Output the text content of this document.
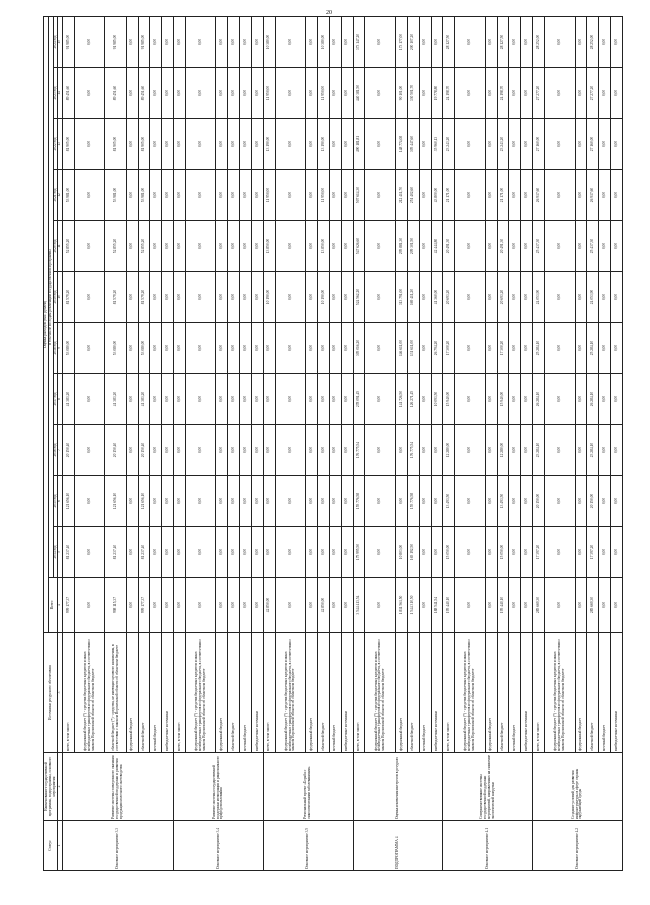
20
Статус	Наименование государственной программы, подпрограммы, основного мероприятия	Источники ресурсного обеспечения	Оценка расходов (тыс. рублей)											
			Всего	в том числе по годам реализации государственной программы										
				2014 год	2015 год	2016 год	2017 год	2018 год	2019 год	2020 год	2021 год	2022 год	2023 год	2024 год
1	2	3	4	5	6	7	8	9	10	11	12	13	14	15
Основное мероприятие 3.3	Развитие системы электронного оказания государственной поддержки и развития продукции молочного скотоводства	всего, в том числе:	999 177,37	81 237,40	121 656,10	20 150,40	41 383,20	53 080,00	81 579,20	52 855,20	53 981,00	81 905,00	89 451,60	91 985,00
		федеральный бюджет (*) - средства бюджетных кредитов и иных межбюджетных трансфертов из федерального бюджета, в соответствии с законом Воронежской области об областном бюджете	0,00	0,00	0,00	0,00	0,00	0,00	0,00	0,00	0,00	0,00	0,00	0,00
		областной бюджет (*) - средства, не имеющие целевого назначения, в соответствии с законом Воронежской области об областном бюджете	998 115,37	81 237,40	121 656,10	20 150,40	41 383,20	53 080,00	81 579,20	52 855,20	53 981,00	81 905,00	89 451,60	91 985,00
		федеральный бюджет	0,00	0,00	0,00	0,00	0,00	0,00	0,00	0,00	0,00	0,00	0,00	0,00
		областной бюджет	999 177,37	81 237,40	121 656,10	20 150,40	41 383,20	53 080,00	81 579,20	52 855,20	53 981,00	81 905,00	89 451,60	91 985,00
		местный бюджет	0,00	0,00	0,00	0,00	0,00	0,00	0,00	0,00	0,00	0,00	0,00	0,00
		внебюджетные источники	0,00	0,00	0,00	0,00	0,00	0,00	0,00	0,00	0,00	0,00	0,00	0,00
Основное мероприятие 3.4	Развитие системы государственной поддержки мелиорации и рационального природопользования	всего, в том числе:	0,00	0,00	0,00	0,00	0,00	0,00	0,00	0,00	0,00	0,00	0,00	0,00
		федеральный бюджет (*) - средства бюджетных кредитов и иных межбюджетных трансфертов из федерального бюджета, в соответствии с законом Воронежской области об областном бюджете	0,00	0,00	0,00	0,00	0,00	0,00	0,00	0,00	0,00	0,00	0,00	0,00
		федеральный бюджет	0,00	0,00	0,00	0,00	0,00	0,00	0,00	0,00	0,00	0,00	0,00	0,00
		областной бюджет	0,00	0,00	0,00	0,00	0,00	0,00	0,00	0,00	0,00	0,00	0,00	0,00
		местный бюджет	0,00	0,00	0,00	0,00	0,00	0,00	0,00	0,00	0,00	0,00	0,00	0,00
		внебюджетные источники	0,00	0,00	0,00	0,00	0,00	0,00	0,00	0,00	0,00	0,00	0,00	0,00
Основное мероприятие 3.5	Региональный проект «Борьба с онкологическими заболеваниями»	всего, в том числе:	42 850,00	0,00	0,00	0,00	0,00	0,00	10 190,00	13 850,00	11 950,00	13 190,00	11 950,00	10 380,00
		федеральный бюджет (*) - средства бюджетных кредитов и иных межбюджетных трансфертов из федерального бюджета, в соответствии с законом Воронежской области об областном бюджете	0,00	0,00	0,00	0,00	0,00	0,00	0,00	0,00	0,00	0,00	0,00	0,00
		федеральный бюджет	0,00	0,00	0,00	0,00	0,00	0,00	0,00	0,00	0,00	0,00	0,00	0,00
		областной бюджет	42 850,00	0,00	0,00	0,00	0,00	0,00	10 190,00	13 850,00	11 950,00	13 190,00	11 950,00	10 380,00
		местный бюджет	0,00	0,00	0,00	0,00	0,00	0,00	0,00	0,00	0,00	0,00	0,00	0,00
		внебюджетные источники	0,00	0,00	0,00	0,00	0,00	0,00	0,00	0,00	0,00	0,00	0,00	0,00
ПОДПРОГРАММА 4	Оценка изменения интересов в ресурсах	всего, в том числе:	3 544 413,54	175 995,50	155 776,58	176 775,54	278 091,45	305 016,20	524 562,20	547 626,60	507 614,30	490 181,81	440 381,50	373 147,20
		федеральный бюджет (*) - средства бюджетных кредитов и иных межбюджетных трансфертов из федерального бюджета, в соответствии с законом Воронежской области об областном бюджете	0,00	0,00	0,00	0,00	0,00	0,00	0,00	0,00	0,00	0,00	0,00	0,00
		федеральный бюджет	1 811 561,50	10 803,00	0,00	0,00	141 726,50	146 611,00	313 791,00	295 881,30	212 411,70	148 774,08	90 101,00	173 177,00
		областной бюджет	1 544 310,50	165 192,50	155 776,58	176 775,54	126 271,45	131 611,00	169 411,20	209 301,50	251 402,60	305 447,60	330 501,70	200 107,20
		местный бюджет	0,00	0,00	0,00	0,00	0,00	0,00	0,00	0,00	0,00	0,00	0,00	0,00
		внебюджетные источники	188 541,54	0,00	0,00	0,00	10 093,50	26 794,20	41 360,00	42 444,80	43 800,00	35 960,13	19 778,80	0,00
Основное мероприятие 4.1	Совершенствование системы государственной поддержки мероприятий, направленных на снижение экологической нагрузки	всего, в том числе:	195 440,10	15 050,00	13 493,50	12 280,00	15 940,00	17 300,20	20 693,20	20 491,30	21 171,00	23 243,20	24 198,70	28 127,50
		федеральный бюджет (*) - средства бюджетных кредитов и иных межбюджетных трансфертов из федерального бюджета, в соответствии с законом Воронежской области об областном бюджете	0,00	0,00	0,00	0,00	0,00	0,00	0,00	0,00	0,00	0,00	0,00	0,00
		федеральный бюджет	0,00	0,00	0,00	0,00	0,00	0,00	0,00	0,00	0,00	0,00	0,00	0,00
		областной бюджет	195 440,10	15 050,00	13 493,50	12 280,00	15 940,00	17 300,20	20 693,20	20 491,30	21 171,00	23 243,20	24 198,70	28 127,50
		местный бюджет	0,00	0,00	0,00	0,00	0,00	0,00	0,00	0,00	0,00	0,00	0,00	0,00
		внебюджетные источники	0,00	0,00	0,00	0,00	0,00	0,00	0,00	0,00	0,00	0,00	0,00	0,00
Основное мероприятие 4.2	Создание условий для развития инфраструктуры в сфере охраны окружающей среды	всего, в том числе:	285 669,30	17 397,20	20 150,00	23 284,10	26 284,10	25 284,10	24 053,90	25 437,30	26 917,60	27 160,00	27 277,20	28 252,00
		федеральный бюджет (*) - средства бюджетных кредитов и иных межбюджетных трансфертов из федерального бюджета, в соответствии с законом Воронежской области об областном бюджете	0,00	0,00	0,00	0,00	0,00	0,00	0,00	0,00	0,00	0,00	0,00	0,00
		федеральный бюджет	0,00	0,00	0,00	0,00	0,00	0,00	0,00	0,00	0,00	0,00	0,00	0,00
		областной бюджет	285 669,30	17 397,20	20 150,00	23 284,10	26 284,10	25 284,10	24 053,90	25 437,30	26 917,60	27 160,00	27 277,20	28 252,00
		местный бюджет	0,00	0,00	0,00	0,00	0,00	0,00	0,00	0,00	0,00	0,00	0,00	0,00
		внебюджетные источники	0,00	0,00	0,00	0,00	0,00	0,00	0,00	0,00	0,00	0,00	0,00	0,00
